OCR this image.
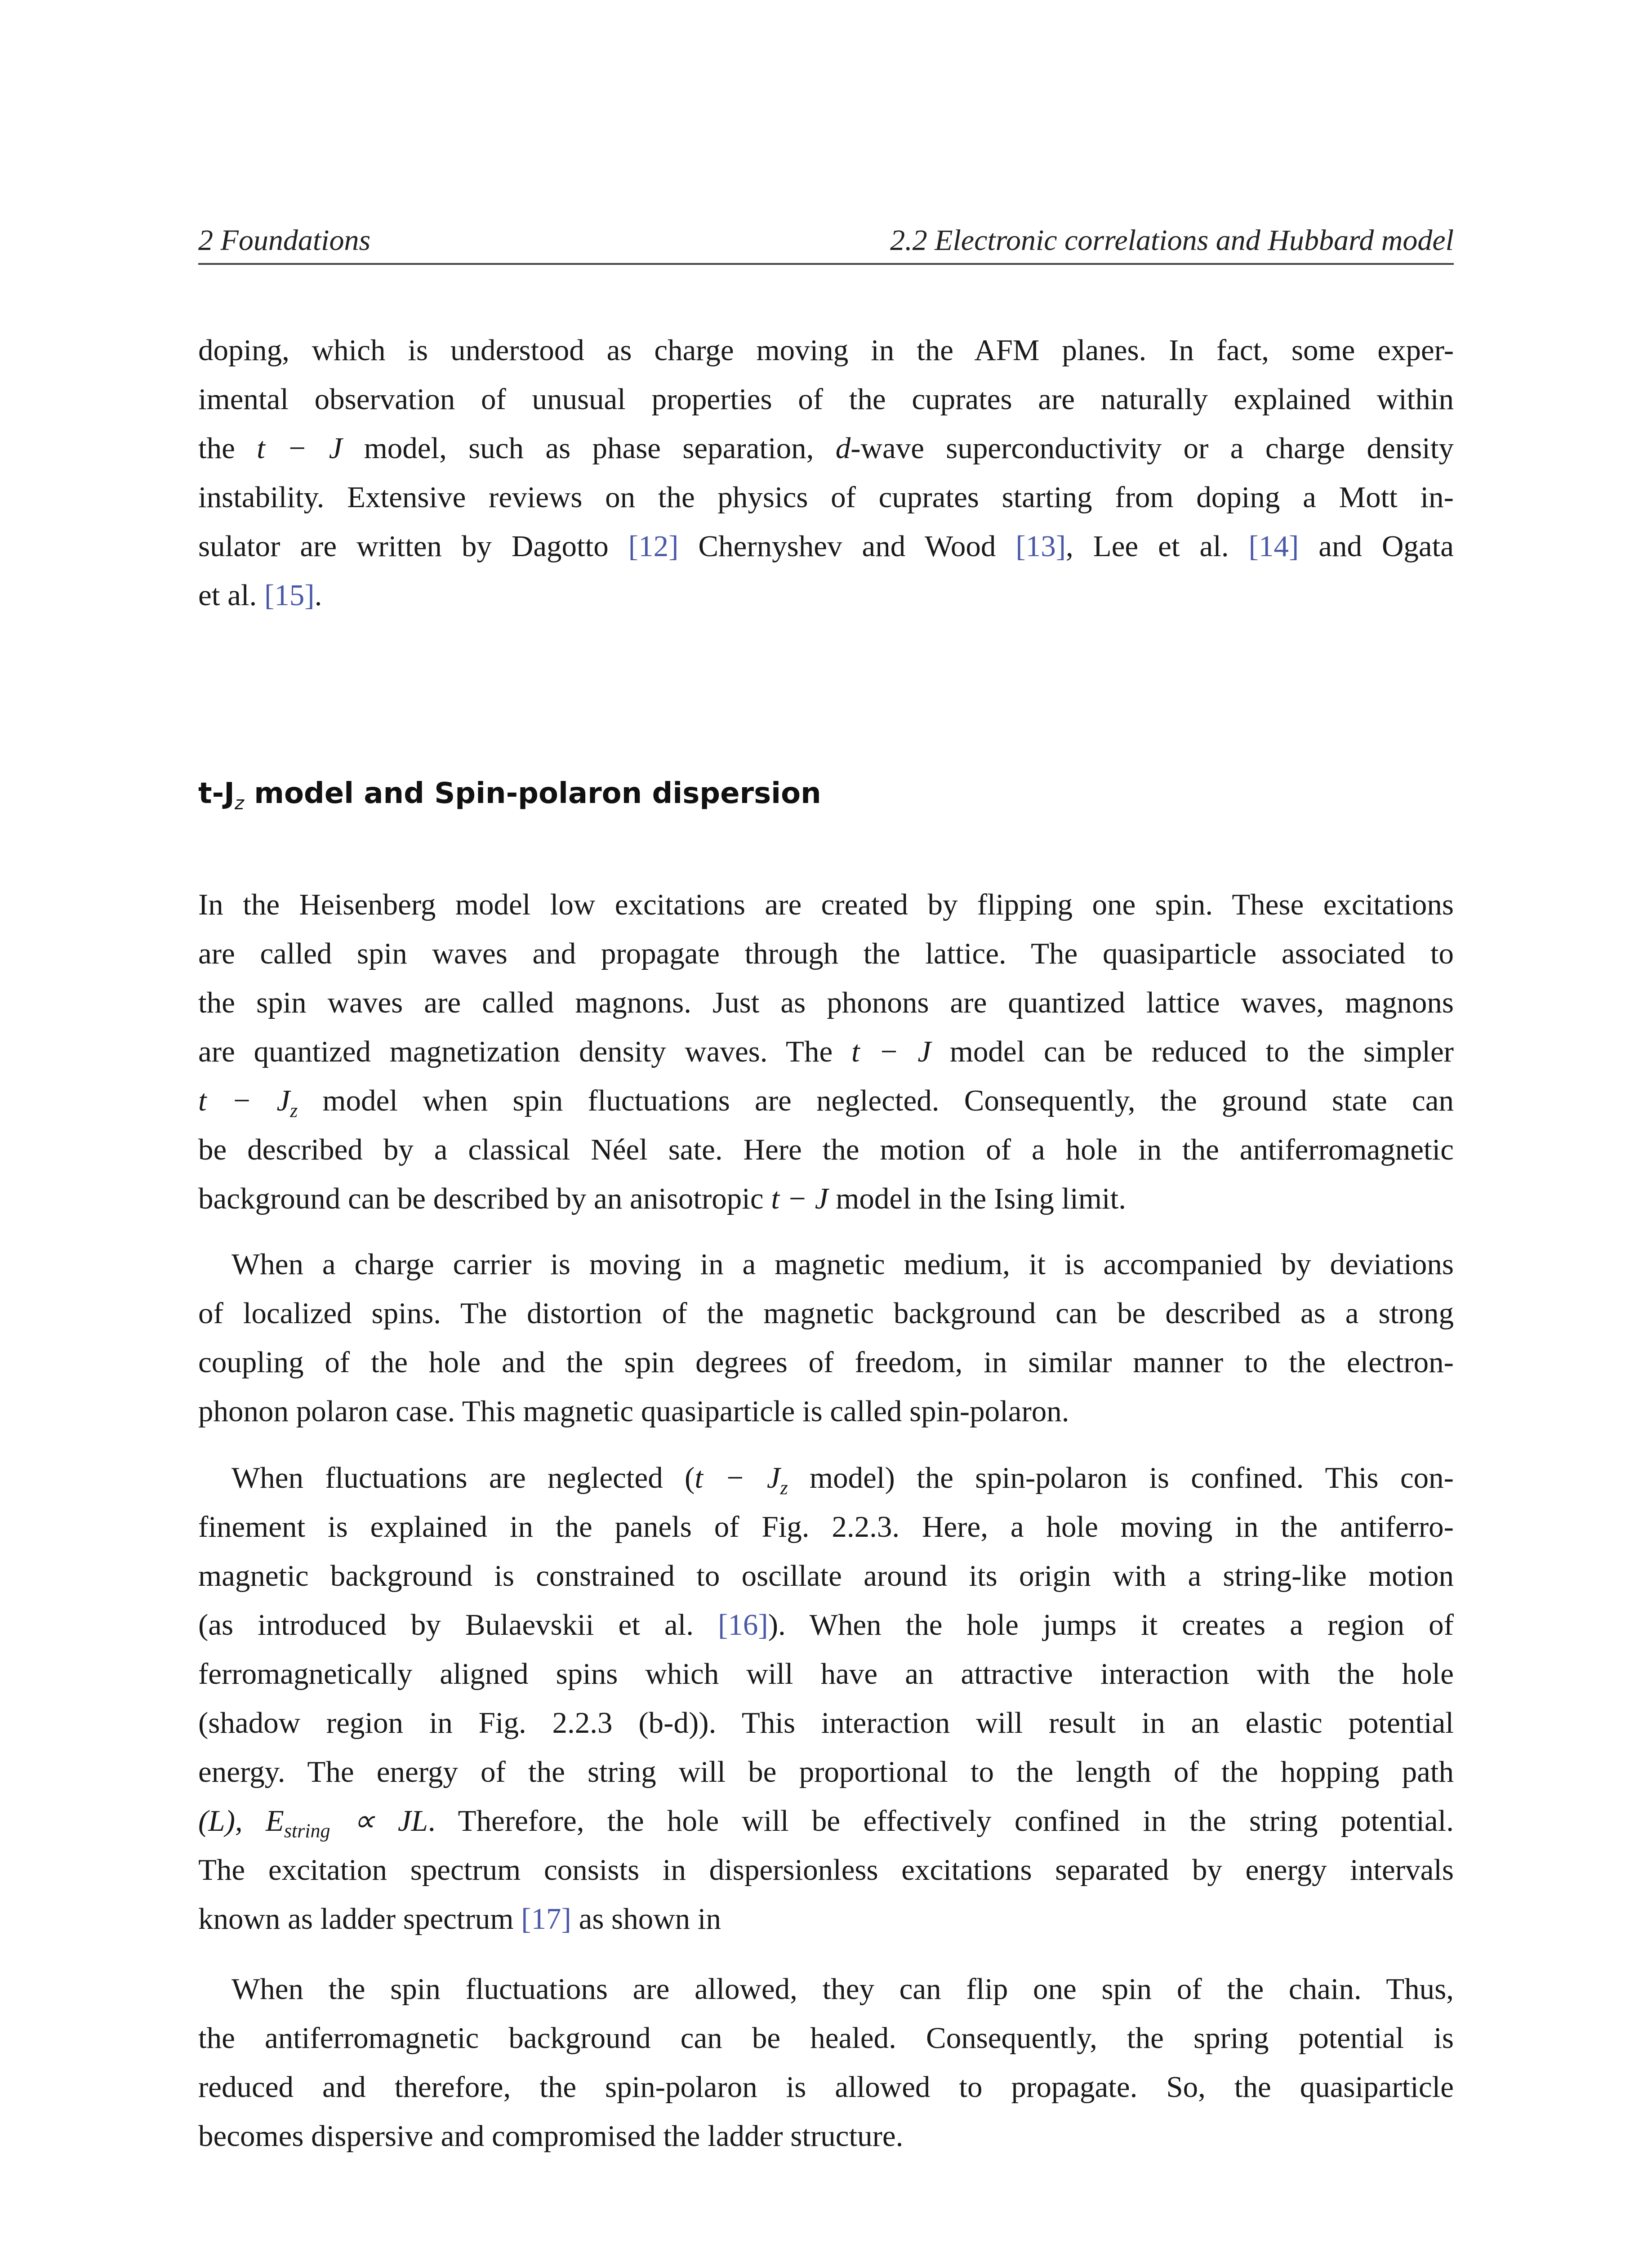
2 Foundations	2.2 Electronic correlations and Hubbard model
doping, which is understood as charge moving in the AFM planes. In fact, some exper-
imental observation of unusual properties of the cuprates are naturally explained within
the t − J model, such as phase separation, d-wave superconductivity or a charge density
instability. Extensive reviews on the physics of cuprates starting from doping a Mott in-
sulator are written by Dagotto [12] Chernyshev and Wood [13], Lee et al. [14] and Ogata
et al. [15].
$t-J_z$ model and Spin-polaron dispersion
In the Heisenberg model low excitations are created by flipping one spin. These excitations
are called spin waves and propagate through the lattice. The quasiparticle associated to
the spin waves are called magnons. Just as phonons are quantized lattice waves, magnons
are quantized magnetization density waves. The t − J model can be reduced to the simpler
$t - J_z$ model when spin fluctuations are neglected. Consequently, the ground state can
be described by a classical Néel sate. Here the motion of a hole in the antiferromagnetic
background can be described by an anisotropic t − J model in the Ising limit.
When a charge carrier is moving in a magnetic medium, it is accompanied by deviations
of localized spins. The distortion of the magnetic background can be described as a strong
coupling of the hole and the spin degrees of freedom, in similar manner to the electron-
phonon polaron case. This magnetic quasiparticle is called spin-polaron.
When fluctuations are neglected ($t - J_z$ model) the spin-polaron is confined. This con-
finement is explained in the panels of Fig. 2.2.3. Here, a hole moving in the antiferro-
magnetic background is constrained to oscillate around its origin with a string-like motion
(as introduced by Bulaevskii et al. [16]). When the hole jumps it creates a region of
ferromagnetically aligned spins which will have an attractive interaction with the hole
(shadow region in Fig. 2.2.3 (b-d)). This interaction will result in an elastic potential
energy. The energy of the string will be proportional to the length of the hopping path
(L), $E_{string}$ ∝ JL. Therefore, the hole will be effectively confined in the string potential.
The excitation spectrum consists in dispersionless excitations separated by energy intervals
known as ladder spectrum [17] as shown in
When the spin fluctuations are allowed, they can flip one spin of the chain. Thus,
the antiferromagnetic background can be healed. Consequently, the spring potential is
reduced and therefore, the spin-polaron is allowed to propagate. So, the quasiparticle
becomes dispersive and compromised the ladder structure.
